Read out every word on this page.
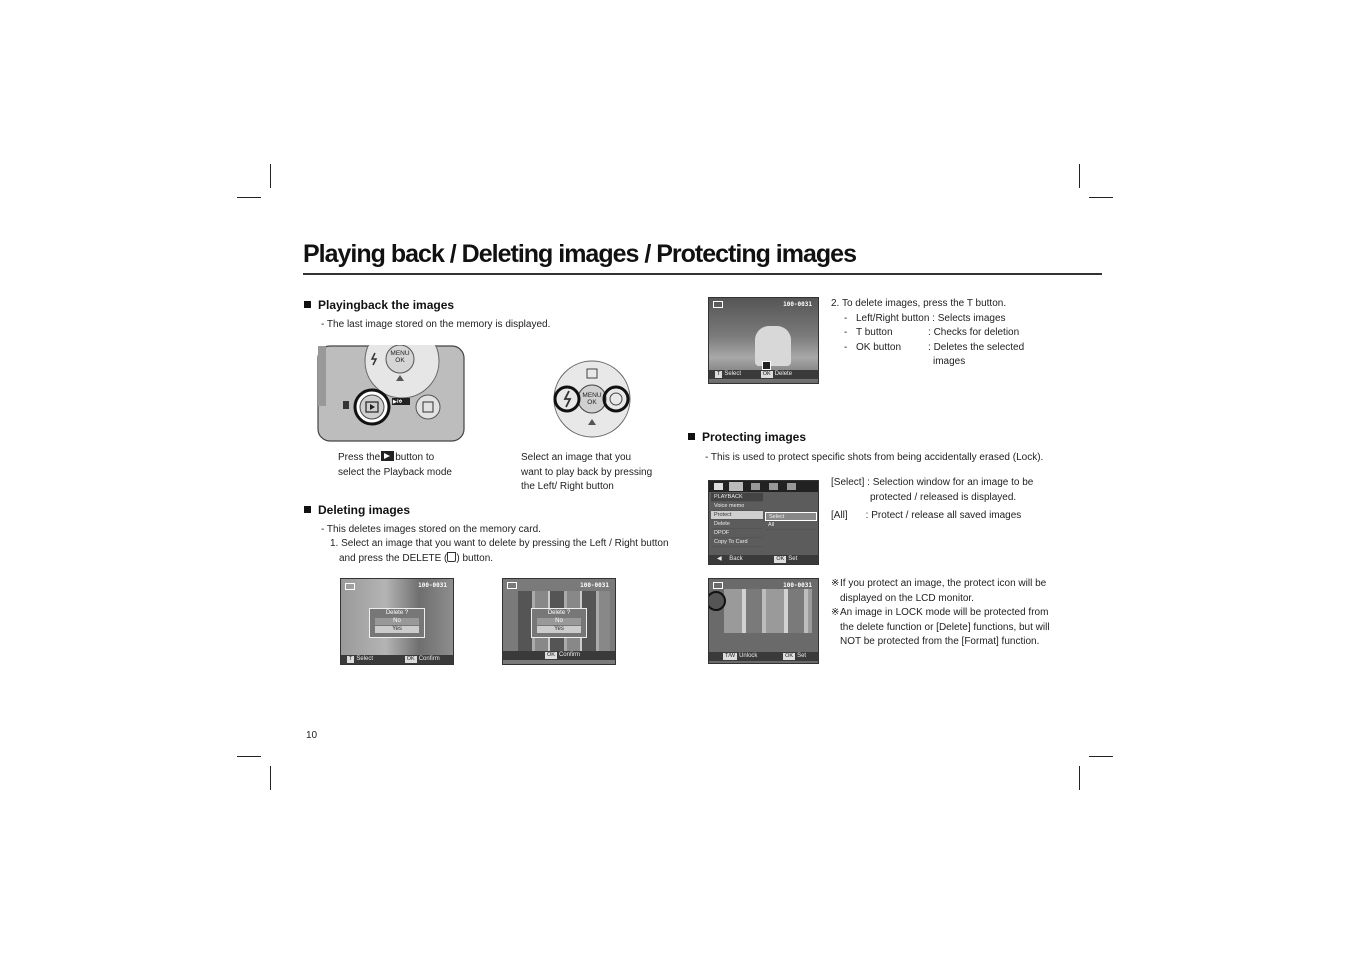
Playing back / Deleting images / Protecting images
Playingback the images
- The last image stored on the memory is displayed.
MENU
OK
▶/✡
MENU
OK
Press the button to
select the Playback mode
Select an image that you
want to play back by pressing
the Left/ Right button
Deleting images
- This deletes images stored on the memory card.
1. Select an image that you want to delete by pressing the Left / Right button
and press the DELETE ( ) button.
100-0031
Delete ?
No
Yes
T Select	OK Confirm
100-0031
Delete ?
No
Yes
OK Confirm
100-0031
T Select	OK Delete
2. To delete images, press the T button.
- Left/Right button : Selects images
- T button	: Checks for deletion
- OK button	: Deletes the selected
images
Protecting images
- This is used to protect specific shots from being accidentally erased (Lock).
PLAYBACK
Voice memo
Protect
Delete
DPOF
Copy To Card
Select
All
◀ Back	OK Set
[Select] : Selection window for an image to be
protected / released is displayed.
[All] : Protect / release all saved images
100-0031
T/W Unlock	OK Set
※ If you protect an image, the protect icon will be
displayed on the LCD monitor.
※ An image in LOCK mode will be protected from
the delete function or [Delete] functions, but will
NOT be protected from the [Format] function.
10
